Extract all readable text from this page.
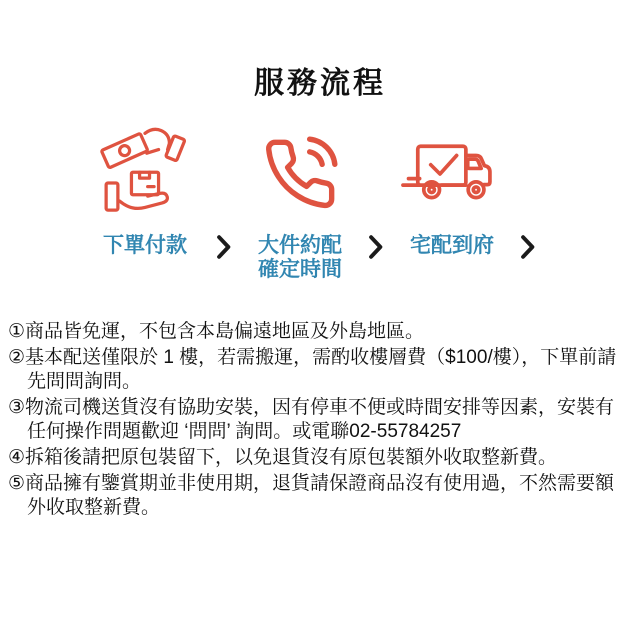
服務流程
下單付款	大件約配
確定時間
宅配到府
①商品皆免運，不包含本島偏遠地區及外島地區。
②基本配送僅限於 1 樓，若需搬運，需酌收樓層費（$100/樓），下單前請先問問詢問。
③物流司機送貨沒有協助安裝，因有停車不便或時間安排等因素，安裝有任何操作問題歡迎 ‘問問’ 詢問。或電聯02-55784257
④拆箱後請把原包裝留下，以免退貨沒有原包裝額外收取整新費。
⑤商品擁有鑒賞期並非使用期，退貨請保證商品沒有使用過，不然需要額外收取整新費。
